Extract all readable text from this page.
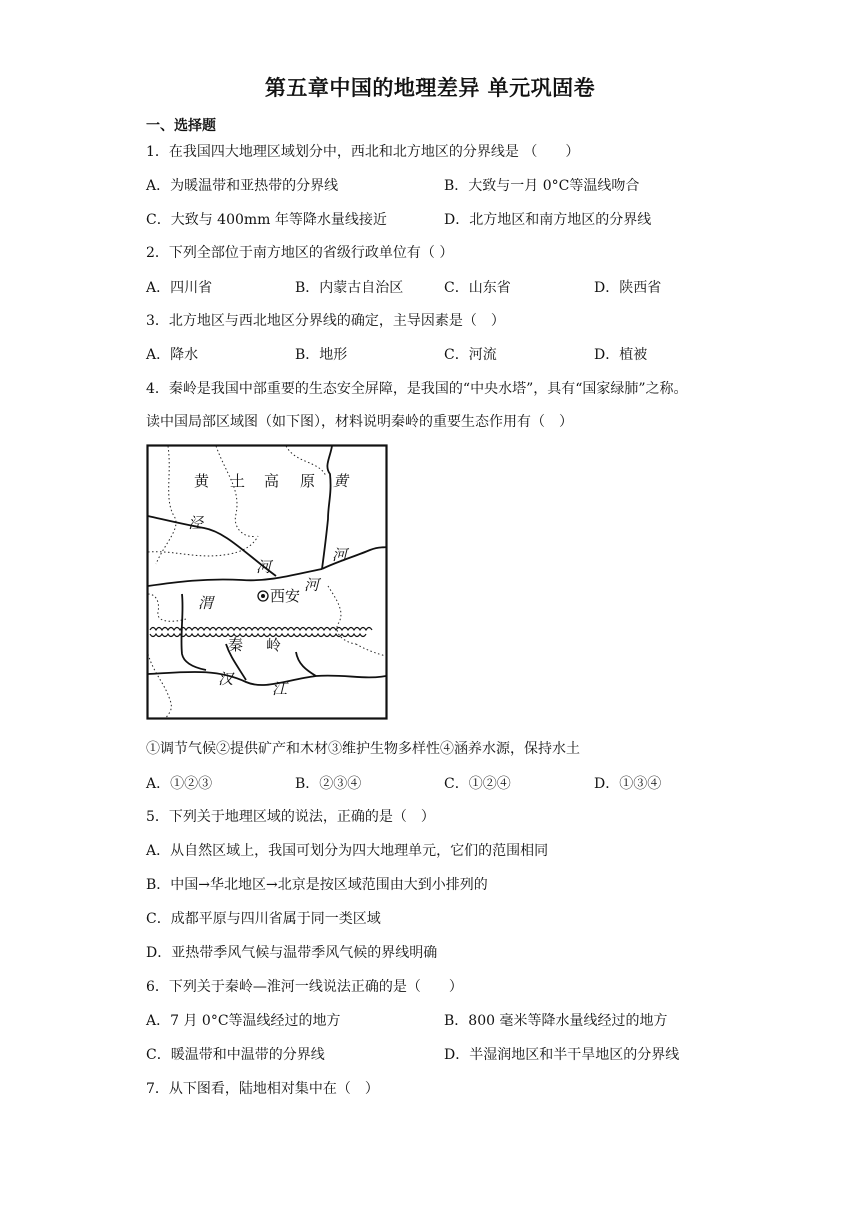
第五章中国的地理差异 单元巩固卷
一、选择题
1．在我国四大地理区域划分中，西北和北方地区的分界线是 （　　）
A．为暖温带和亚热带的分界线	B．大致与一月 0°C等温线吻合
C．大致与 400mm 年等降水量线接近	D．北方地区和南方地区的分界线
2．下列全部位于南方地区的省级行政单位有（ ）
A．四川省	B．内蒙古自治区	C．山东省	D．陕西省
3．北方地区与西北地区分界线的确定，主导因素是（　）
A．降水	B．地形	C．河流	D．植被
4．秦岭是我国中部重要的生态安全屏障，是我国的“中央水塔”，具有“国家绿肺”之称。
读中国局部区域图（如下图），材料说明秦岭的重要生态作用有（　）
黄 土 高 原 黄
泾
河
河
河
渭	西安
秦 岭
汉
江
①调节气候②提供矿产和木材③维护生物多样性④涵养水源，保持水土
A．①②③	B．②③④	C．①②④	D．①③④
5．下列关于地理区域的说法，正确的是（　）
A．从自然区域上，我国可划分为四大地理单元，它们的范围相同
B．中国→华北地区→北京是按区域范围由大到小排列的
C．成都平原与四川省属于同一类区域
D．亚热带季风气候与温带季风气候的界线明确
6．下列关于秦岭—淮河一线说法正确的是（　　）
A．7 月 0°C等温线经过的地方	B．800 毫米等降水量线经过的地方
C．暖温带和中温带的分界线	D．半湿润地区和半干旱地区的分界线
7．从下图看，陆地相对集中在（　）
